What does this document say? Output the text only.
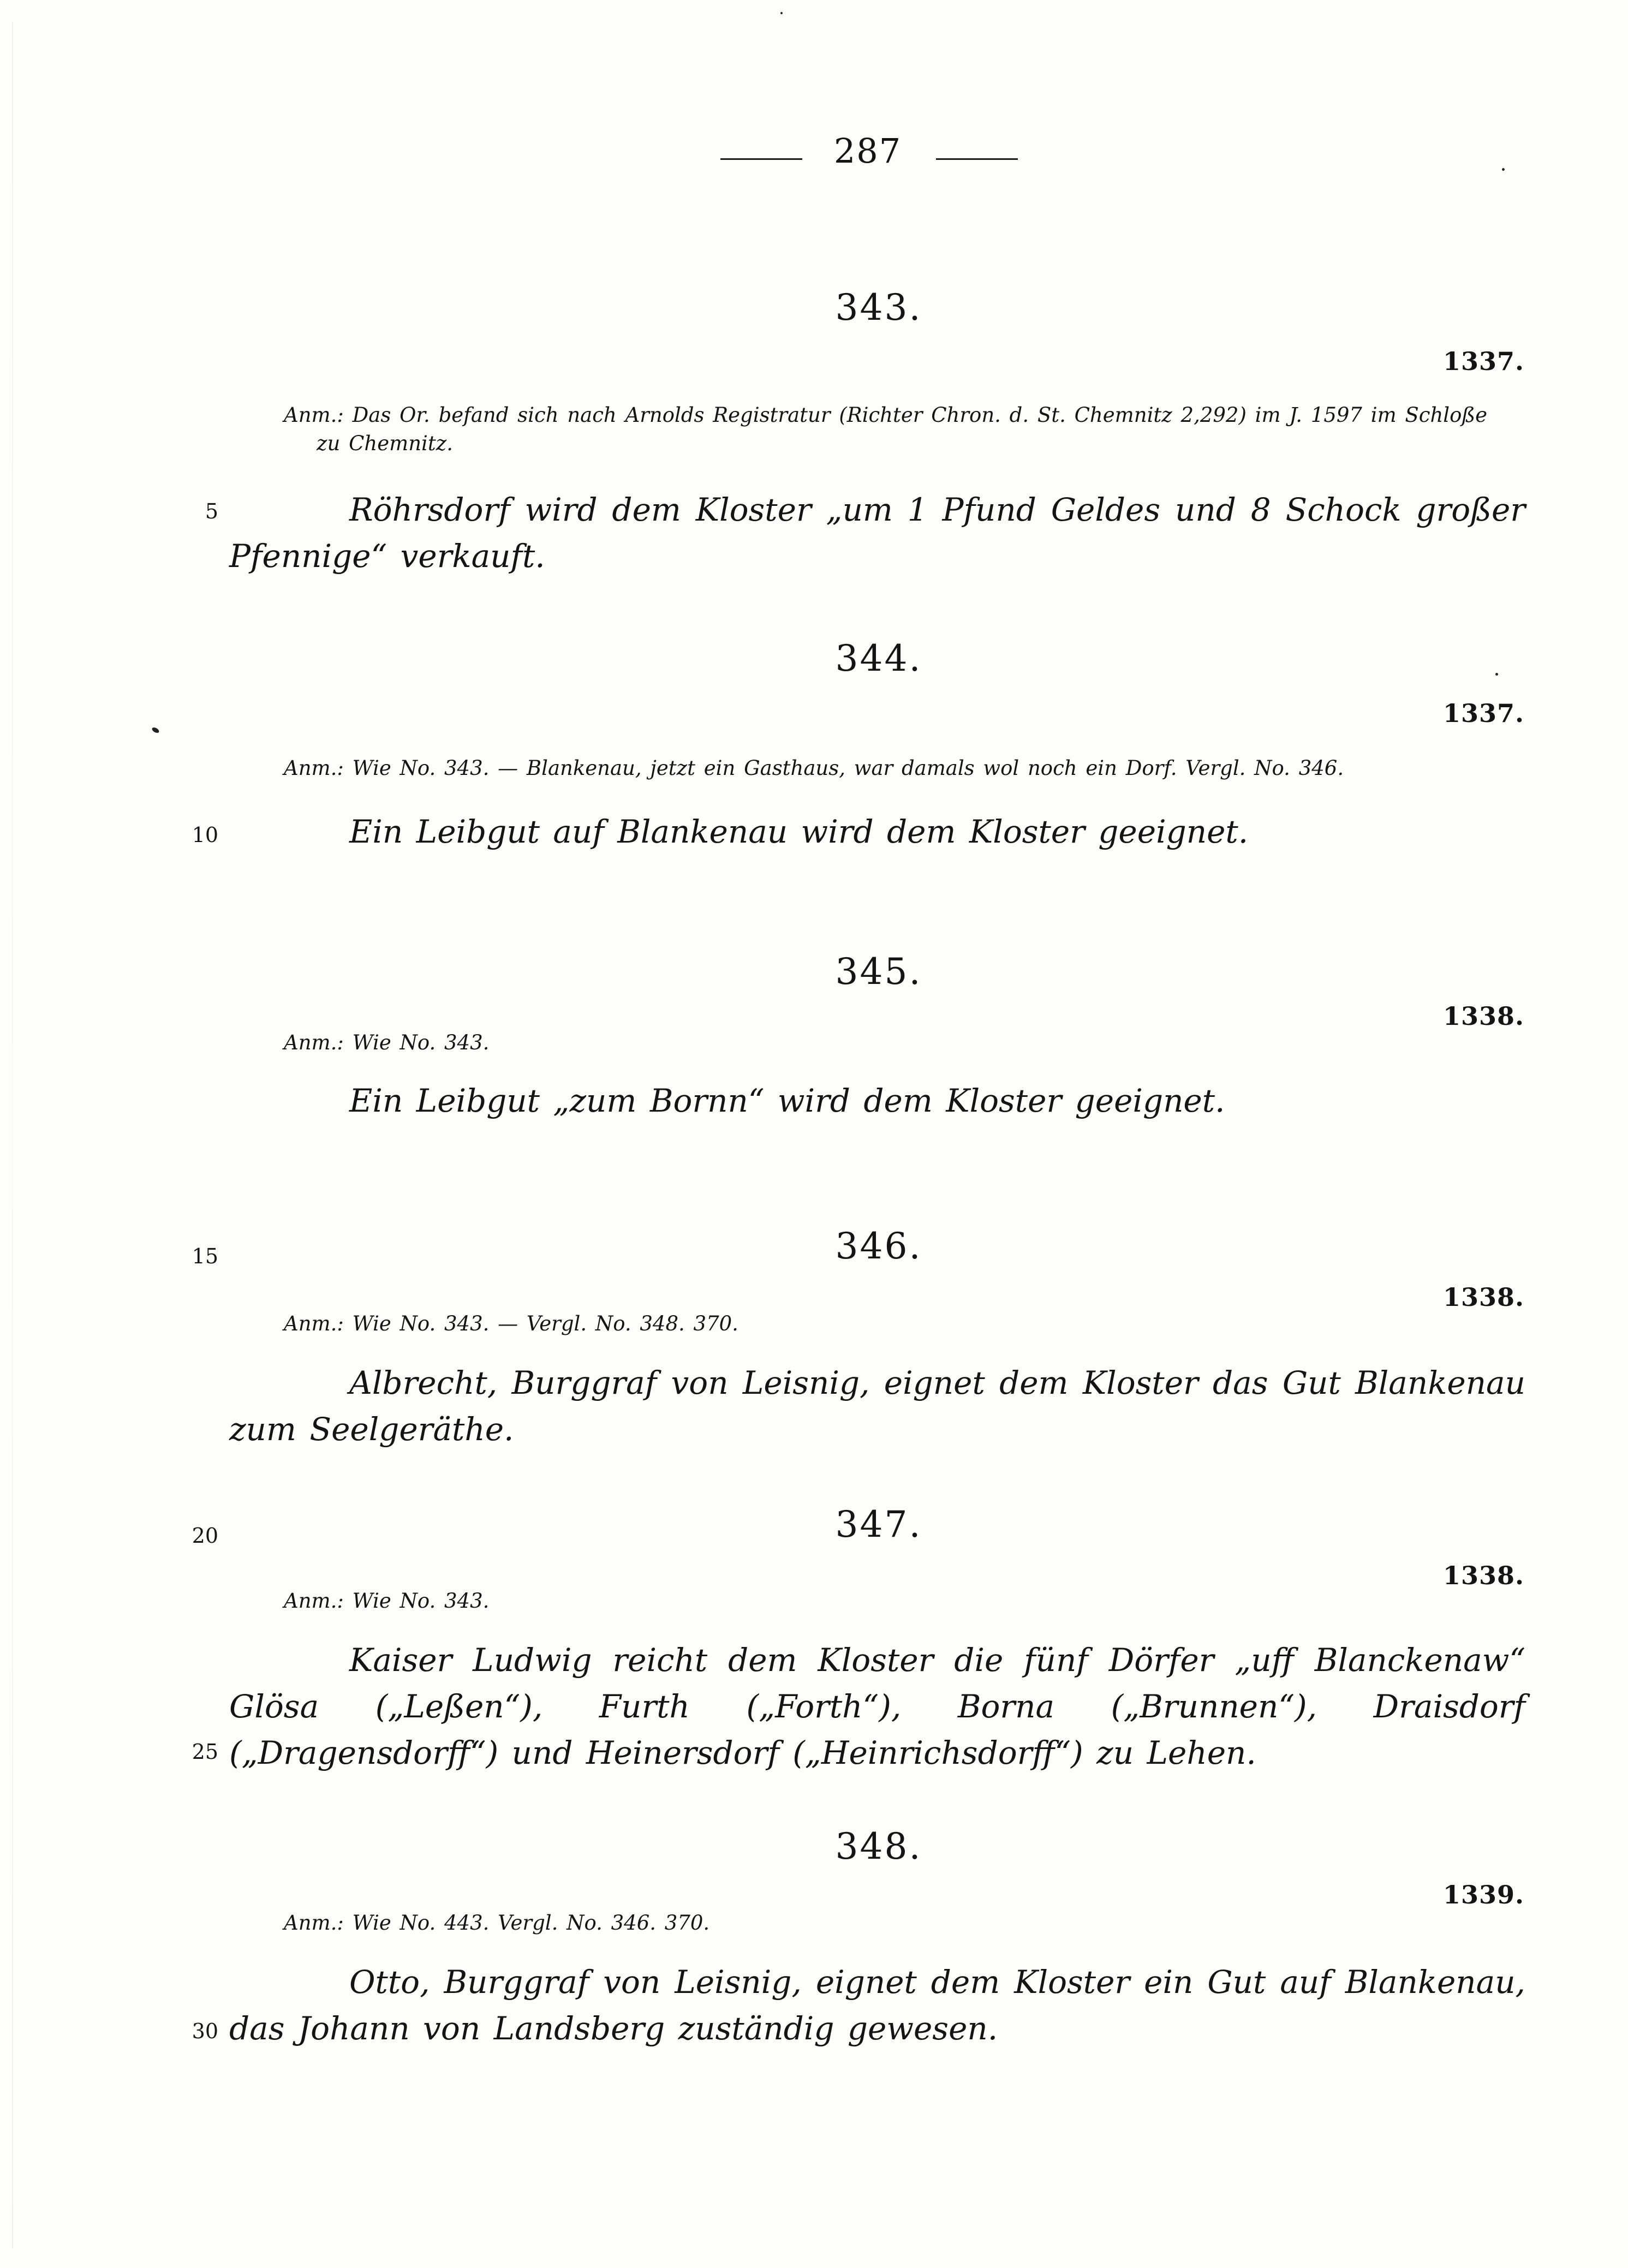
287
5
10
15
20
25
30
343.
1337.
Anm.: Das Or. befand sich nach Arnolds Registratur (Richter Chron. d. St. Chemnitz 2,292) im J. 1597 im Schloße
zu Chemnitz.
Röhrsdorf wird dem Kloster „um 1 Pfund Geldes und 8 Schock großer Pfennige“ verkauft.
344.
1337.
Anm.: Wie No. 343. — Blankenau, jetzt ein Gasthaus, war damals wol noch ein Dorf. Vergl. No. 346.
Ein Leibgut auf Blankenau wird dem Kloster geeignet.
345.
1338.
Anm.: Wie No. 343.
Ein Leibgut „zum Bornn“ wird dem Kloster geeignet.
346.
1338.
Anm.: Wie No. 343. — Vergl. No. 348. 370.
Albrecht, Burggraf von Leisnig, eignet dem Kloster das Gut Blankenau zum Seelgeräthe.
347.
1338.
Anm.: Wie No. 343.
Kaiser Ludwig reicht dem Kloster die fünf Dörfer „uff Blanckenaw“ Glösa („Leßen“), Furth („Forth“), Borna („Brunnen“), Draisdorf („Dragensdorff“) und Heinersdorf („Heinrichsdorff“) zu Lehen.
348.
1339.
Anm.: Wie No. 443. Vergl. No. 346. 370.
Otto, Burggraf von Leisnig, eignet dem Kloster ein Gut auf Blankenau, das Johann von Landsberg zuständig gewesen.
